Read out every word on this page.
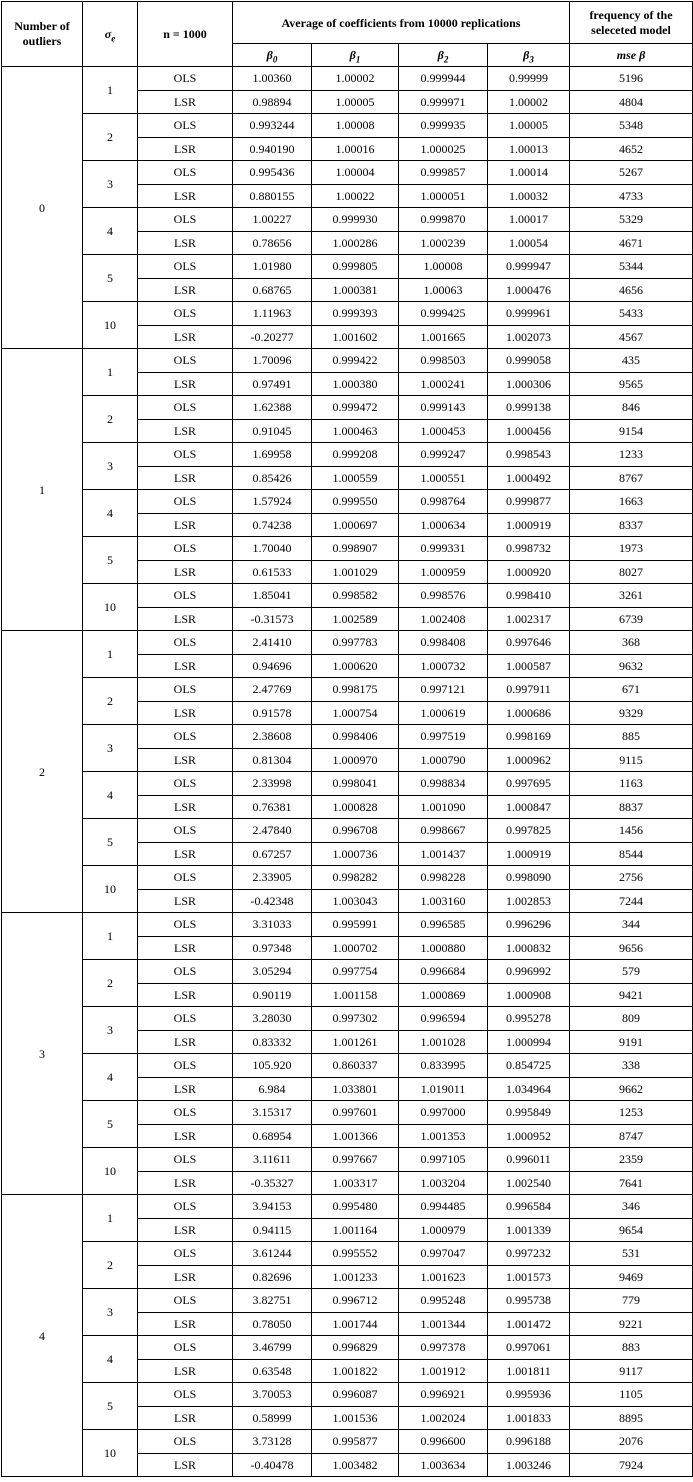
Number of outliers	$\sigma_e$	n = 1000	Average of coefficients from 10000 replications				frequency of the seleceted model
			$\beta_0$	$\beta_1$	$\beta_2$	$\beta_3$	mse β
0	1	OLS	1.00360	1.00002	0.999944	0.99999	5196
		LSR	0.98894	1.00005	0.999971	1.00002	4804
	2	OLS	0.993244	1.00008	0.999935	1.00005	5348
		LSR	0.940190	1.00016	1.000025	1.00013	4652
	3	OLS	0.995436	1.00004	0.999857	1.00014	5267
		LSR	0.880155	1.00022	1.000051	1.00032	4733
	4	OLS	1.00227	0.999930	0.999870	1.00017	5329
		LSR	0.78656	1.000286	1.000239	1.00054	4671
	5	OLS	1.01980	0.999805	1.00008	0.999947	5344
		LSR	0.68765	1.000381	1.00063	1.000476	4656
	10	OLS	1.11963	0.999393	0.999425	0.999961	5433
		LSR	-0.20277	1.001602	1.001665	1.002073	4567
1	1	OLS	1.70096	0.999422	0.998503	0.999058	435
		LSR	0.97491	1.000380	1.000241	1.000306	9565
	2	OLS	1.62388	0.999472	0.999143	0.999138	846
		LSR	0.91045	1.000463	1.000453	1.000456	9154
	3	OLS	1.69958	0.999208	0.999247	0.998543	1233
		LSR	0.85426	1.000559	1.000551	1.000492	8767
	4	OLS	1.57924	0.999550	0.998764	0.999877	1663
		LSR	0.74238	1.000697	1.000634	1.000919	8337
	5	OLS	1.70040	0.998907	0.999331	0.998732	1973
		LSR	0.61533	1.001029	1.000959	1.000920	8027
	10	OLS	1.85041	0.998582	0.998576	0.998410	3261
		LSR	-0.31573	1.002589	1.002408	1.002317	6739
2	1	OLS	2.41410	0.997783	0.998408	0.997646	368
		LSR	0.94696	1.000620	1.000732	1.000587	9632
	2	OLS	2.47769	0.998175	0.997121	0.997911	671
		LSR	0.91578	1.000754	1.000619	1.000686	9329
	3	OLS	2.38608	0.998406	0.997519	0.998169	885
		LSR	0.81304	1.000970	1.000790	1.000962	9115
	4	OLS	2.33998	0.998041	0.998834	0.997695	1163
		LSR	0.76381	1.000828	1.001090	1.000847	8837
	5	OLS	2.47840	0.996708	0.998667	0.997825	1456
		LSR	0.67257	1.000736	1.001437	1.000919	8544
	10	OLS	2.33905	0.998282	0.998228	0.998090	2756
		LSR	-0.42348	1.003043	1.003160	1.002853	7244
3	1	OLS	3.31033	0.995991	0.996585	0.996296	344
		LSR	0.97348	1.000702	1.000880	1.000832	9656
	2	OLS	3.05294	0.997754	0.996684	0.996992	579
		LSR	0.90119	1.001158	1.000869	1.000908	9421
	3	OLS	3.28030	0.997302	0.996594	0.995278	809
		LSR	0.83332	1.001261	1.001028	1.000994	9191
	4	OLS	105.920	0.860337	0.833995	0.854725	338
		LSR	6.984	1.033801	1.019011	1.034964	9662
	5	OLS	3.15317	0.997601	0.997000	0.995849	1253
		LSR	0.68954	1.001366	1.001353	1.000952	8747
	10	OLS	3.11611	0.997667	0.997105	0.996011	2359
		LSR	-0.35327	1.003317	1.003204	1.002540	7641
4	1	OLS	3.94153	0.995480	0.994485	0.996584	346
		LSR	0.94115	1.001164	1.000979	1.001339	9654
	2	OLS	3.61244	0.995552	0.997047	0.997232	531
		LSR	0.82696	1.001233	1.001623	1.001573	9469
	3	OLS	3.82751	0.996712	0.995248	0.995738	779
		LSR	0.78050	1.001744	1.001344	1.001472	9221
	4	OLS	3.46799	0.996829	0.997378	0.997061	883
		LSR	0.63548	1.001822	1.001912	1.001811	9117
	5	OLS	3.70053	0.996087	0.996921	0.995936	1105
		LSR	0.58999	1.001536	1.002024	1.001833	8895
	10	OLS	3.73128	0.995877	0.996600	0.996188	2076
		LSR	-0.40478	1.003482	1.003634	1.003246	7924
